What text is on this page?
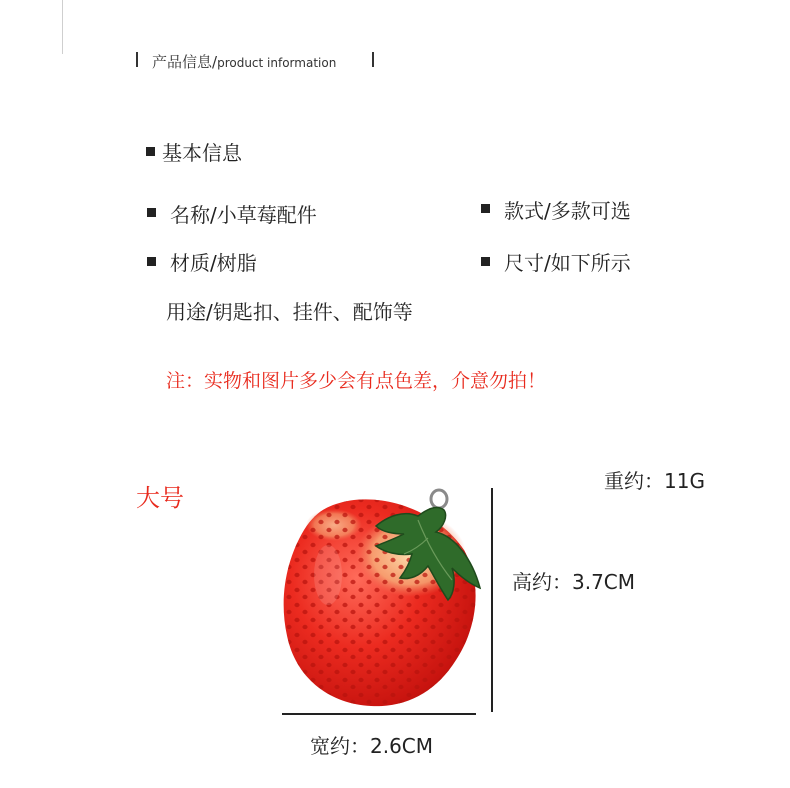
产品信息/product information
基本信息
名称/小草莓配件	款式/多款可选
材质/树脂	尺寸/如下所示
用途/钥匙扣、挂件、配饰等
注：实物和图片多少会有点色差，介意勿拍！
大号
重约：11G
高约：3.7CM
宽约：2.6CM
